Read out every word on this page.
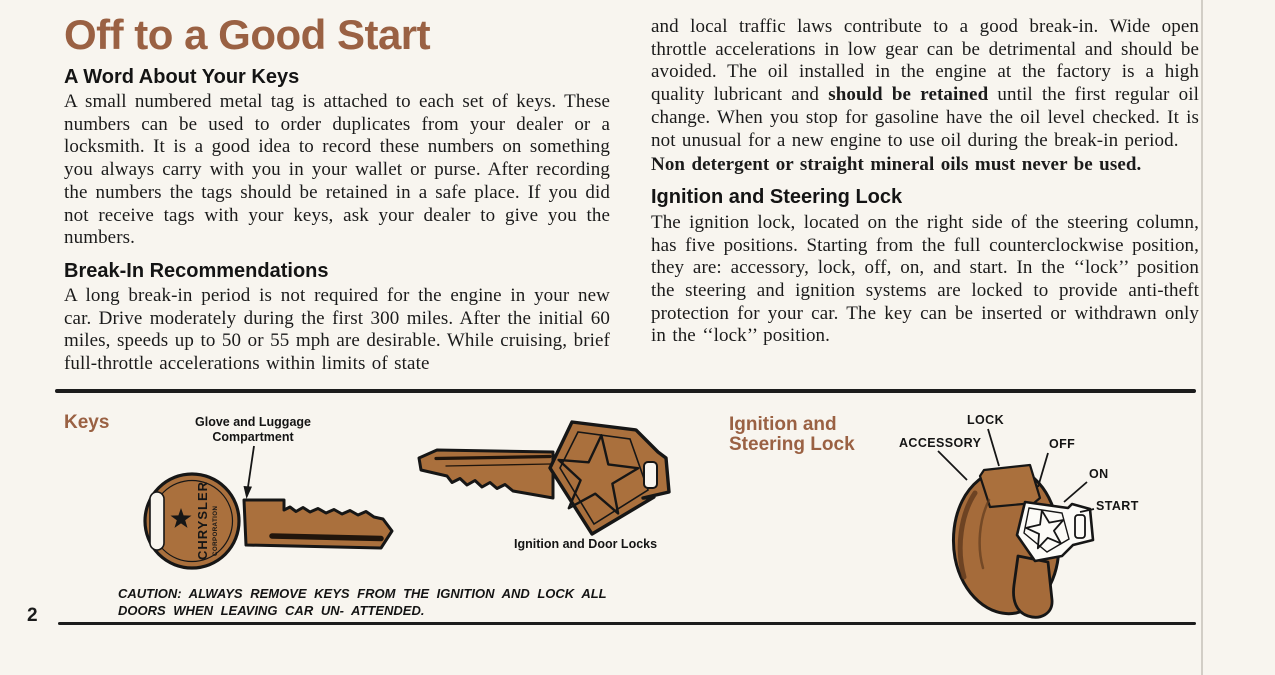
Off to a Good Start
A Word About Your Keys

A small numbered metal tag is attached to each set of keys. These numbers can be used to order duplicates from your dealer or a locksmith. It is a good idea to record these numbers on something you always carry with you in your wallet or purse. After recording the numbers the tags should be retained in a safe place. If you did not receive tags with your keys, ask your dealer to give you the numbers.

Break-In Recommendations

A long break-in period is not required for the engine in your new car. Drive moderately during the first 300 miles. After the initial 60 miles, speeds up to 50 or 55 mph are desirable. While cruising, brief full-throttle accelerations within limits of state

and local traffic laws contribute to a good break-in. Wide open throttle accelerations in low gear can be detrimental and should be avoided. The oil installed in the engine at the factory is a high quality lubricant and should be retained until the first regular oil change. When you stop for gasoline have the oil level checked. It is not unusual for a new engine to use oil during the break-in period.

Non detergent or straight mineral oils must never be used.

Ignition and Steering Lock

The ignition lock, located on the right side of the steering column, has five positions. Starting from the full counterclockwise position, they are: accessory, lock, off, on, and start. In the ‘‘lock’’ position the steering and ignition systems are locked to provide anti-theft protection for your car. The key can be inserted or withdrawn only in the ‘‘lock’’ position.

CHRYSLER CORPORATION
Keys	Glove and Luggage
Compartment
Ignition and Door Locks
Ignition and
Steering Lock	ACCESSORY
LOCK
OFF
ON
START
CAUTION: ALWAYS REMOVE KEYS FROM THE IGNITION AND LOCK ALL
DOORS WHEN LEAVING CAR UN- ATTENDED.
2
